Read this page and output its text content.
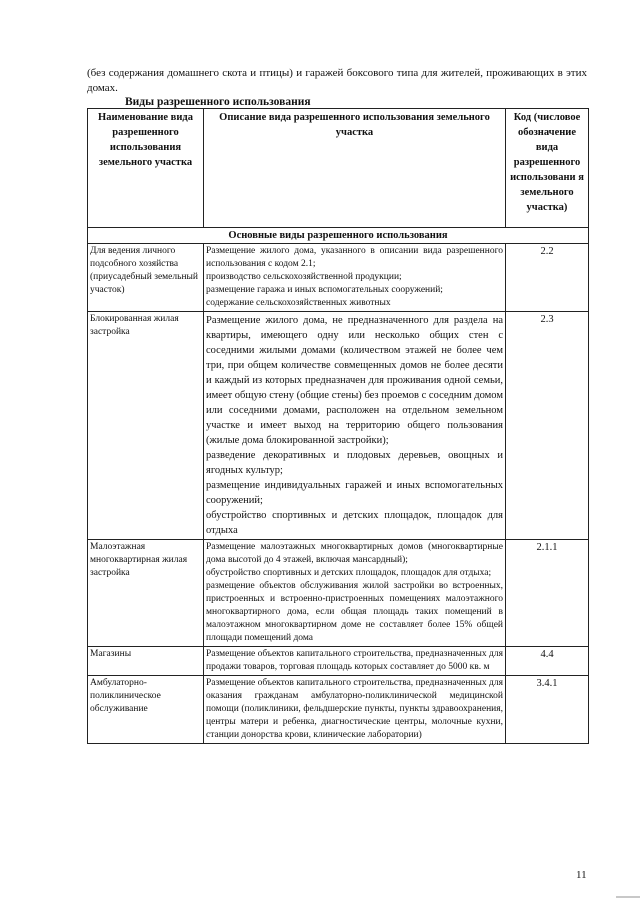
(без содержания домашнего скота и птицы) и гаражей боксового типа для жителей, проживающих в этих домах.
Виды разрешенного использования
Наименование вида разрешенного использования земельного участка	Описание вида разрешенного использования земельного участка	Код (числовое обозначение вида разрешенного использовани я земельного участка)
Основные виды разрешенного использования		
Для ведения личного подсобного хозяйства (приусадебный земельный участок)	Размещение жилого дома, указанного в описании вида разрешенного использования с кодом 2.1;
производство сельскохозяйственной продукции;
размещение гаража и иных вспомогательных сооружений;
содержание сельскохозяйственных животных	2.2
Блокированная жилая застройка	Размещение жилого дома, не предназначенного для раздела на квартиры, имеющего одну или несколько общих стен с соседними жилыми домами (количеством этажей не более чем три, при общем количестве совмещенных домов не более десяти и каждый из которых предназначен для проживания одной семьи, имеет общую стену (общие стены) без проемов с соседним домом или соседними домами, расположен на отдельном земельном участке и имеет выход на территорию общего пользования (жилые дома блокированной застройки);
разведение декоративных и плодовых деревьев, овощных и ягодных культур;
размещение индивидуальных гаражей и иных вспомогательных сооружений;
обустройство спортивных и детских площадок, площадок для отдыха	2.3
Малоэтажная многоквартирная жилая застройка	Размещение малоэтажных многоквартирных домов (многоквартирные дома высотой до 4 этажей, включая мансардный);
обустройство спортивных и детских площадок, площадок для отдыха;
размещение объектов обслуживания жилой застройки во встроенных, пристроенных и встроенно-пристроенных помещениях малоэтажного многоквартирного дома, если общая площадь таких помещений в малоэтажном многоквартирном доме не составляет более 15% общей площади помещений дома	2.1.1
Магазины	Размещение объектов капитального строительства, предназначенных для продажи товаров, торговая площадь которых составляет до 5000 кв. м	4.4
Амбулаторно-поликлиническое обслуживание	Размещение объектов капитального строительства, предназначенных для оказания гражданам амбулаторно-поликлинической медицинской помощи (поликлиники, фельдшерские пункты, пункты здравоохранения, центры матери и ребенка, диагностические центры, молочные кухни, станции донорства крови, клинические лаборатории)	3.4.1
11
